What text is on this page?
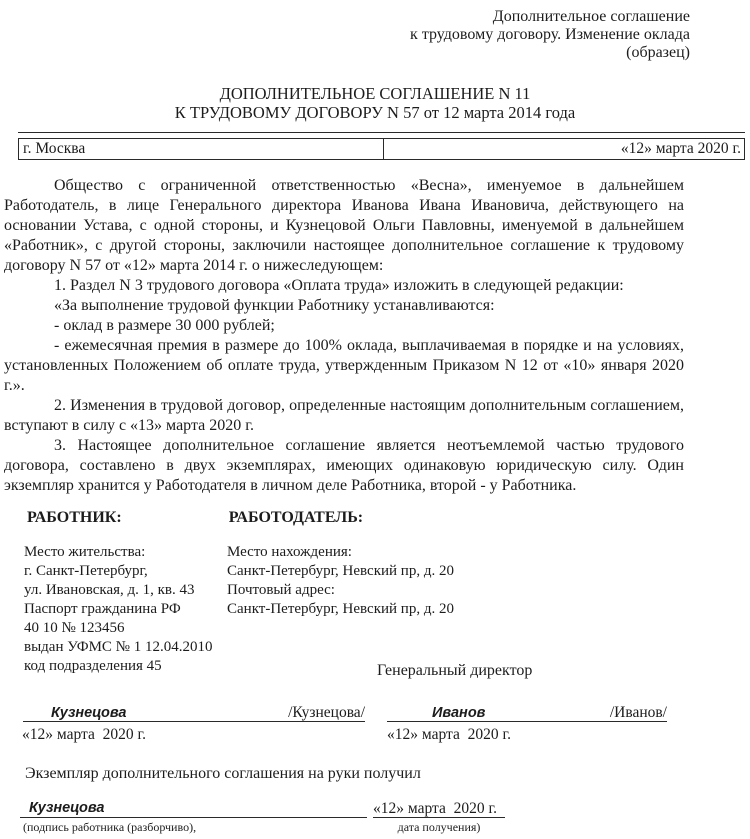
Дополнительное соглашение
к трудовому договору. Изменение оклада
(образец)
ДОПОЛНИТЕЛЬНОЕ СОГЛАШЕНИЕ N 11
К ТРУДОВОМУ ДОГОВОРУ N 57 от 12 марта 2014 года
г. Москва	«12» марта 2020 г.

Общество с ограниченной ответственностью «Весна», именуемое в дальнейшем Работодатель, в лице Генерального директора Иванова Ивана Ивановича, действующего на основании Устава, с одной стороны, и Кузнецовой Ольги Павловны, именуемой в дальнейшем «Работник», с другой стороны, заключили настоящее дополнительное соглашение к трудовому договору N 57 от «12» марта 2014 г. о нижеследующем:

1. Раздел N 3 трудового договора «Оплата труда» изложить в следующей редакции:

«За выполнение трудовой функции Работнику устанавливаются:

- оклад в размере 30 000 рублей;

- ежемесячная премия в размере до 100% оклада, выплачиваемая в порядке и на условиях, установленных Положением об оплате труда, утвержденным Приказом N 12 от «10» января 2020 г.».

2. Изменения в трудовой договор, определенные настоящим дополнительным соглашением, вступают в силу с «13» марта 2020 г.

3. Настоящее дополнительное соглашение является неотъемлемой частью трудового договора, составлено в двух экземплярах, имеющих одинаковую юридическую силу. Один экземпляр хранится у Работодателя в личном деле Работника, второй - у Работника.

РАБОТНИК:	РАБОТОДАТЕЛЬ:
Место жительства:
г. Санкт-Петербург,
ул. Ивановская, д. 1, кв. 43
Паспорт гражданина РФ
40 10 № 123456
выдан УФМС № 1 12.04.2010
код подразделения 45
Место нахождения:
Санкт-Петербург, Невский пр, д. 20
Почтовый адрес:
Санкт-Петербург, Невский пр, д. 20
Генеральный директор
Кузнецова	/Кузнецова/	Иванов	/Иванов/
«12» марта  2020 г.	«12» марта  2020 г.
Экземпляр дополнительного соглашения на руки получил
Кузнецова	«12» марта  2020 г.
(подпись работника (разборчиво),	дата получения)
